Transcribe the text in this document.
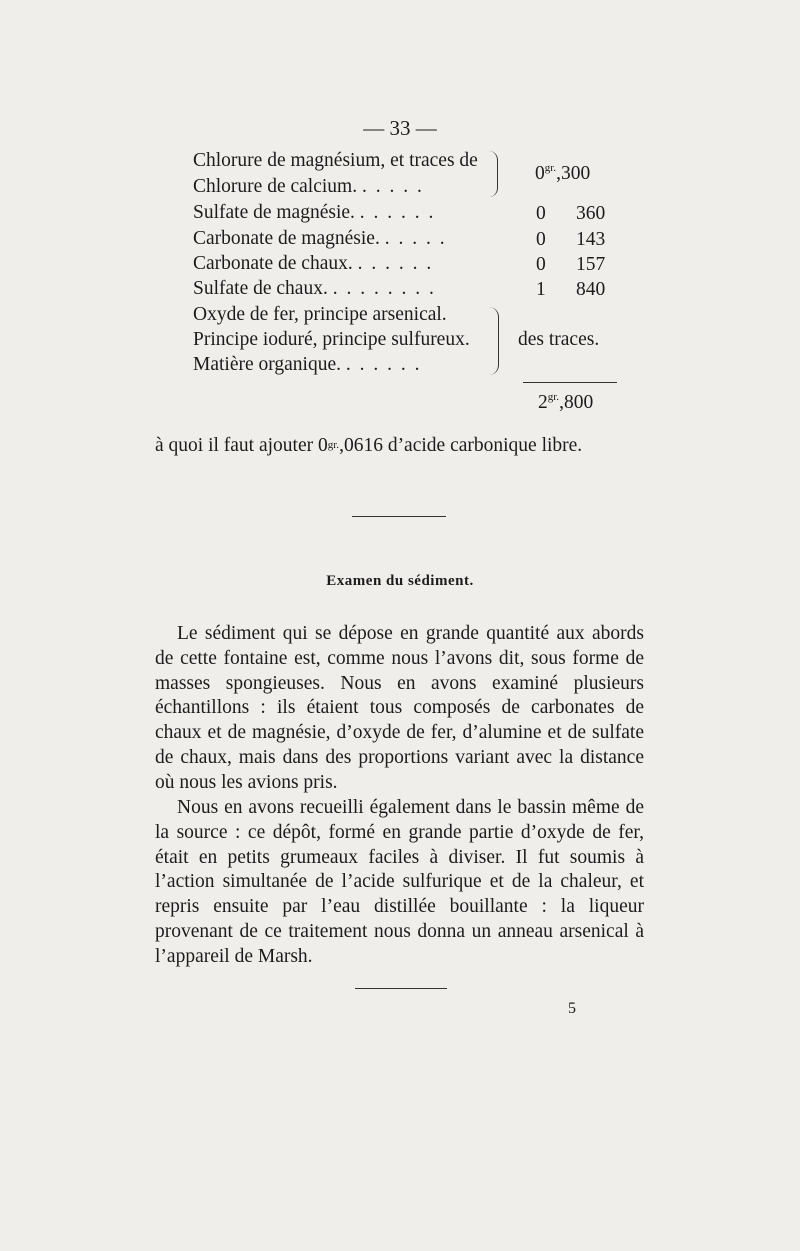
— 33 —
Chlorure de magnésium, et traces de
Chlorure de calcium. . . . . .
Sulfate de magnésie. . . . . . .
Carbonate de magnésie. . . . . .
Carbonate de chaux. . . . . . .
Sulfate de chaux. . . . . . . . .
Oxyde de fer, principe arsenical.
Principe ioduré, principe sulfureux.
Matière organique. . . . . . .
$0^{gr.},300$
0 360
0 143
0 157
1 840
des traces.
$2^{gr.},800$
à quoi il faut ajouter $0^{gr.},0616$ d’acide carbonique libre.
Examen du sédiment.
Le sédiment qui se dépose en grande quantité aux abords de cette fontaine est, comme nous l’avons dit, sous forme de masses spongieuses. Nous en avons examiné plusieurs échantillons : ils étaient tous composés de carbonates de chaux et de magnésie, d’oxyde de fer, d’alumine et de sulfate de chaux, mais dans des proportions variant avec la distance où nous les avions pris.
Nous en avons recueilli également dans le bassin même de la source : ce dépôt, formé en grande partie d’oxyde de fer, était en petits grumeaux faciles à diviser. Il fut soumis à l’action simultanée de l’acide sulfurique et de la chaleur, et repris ensuite par l’eau distillée bouillante : la liqueur provenant de ce traitement nous donna un anneau arsenical à l’appareil de Marsh.
5
